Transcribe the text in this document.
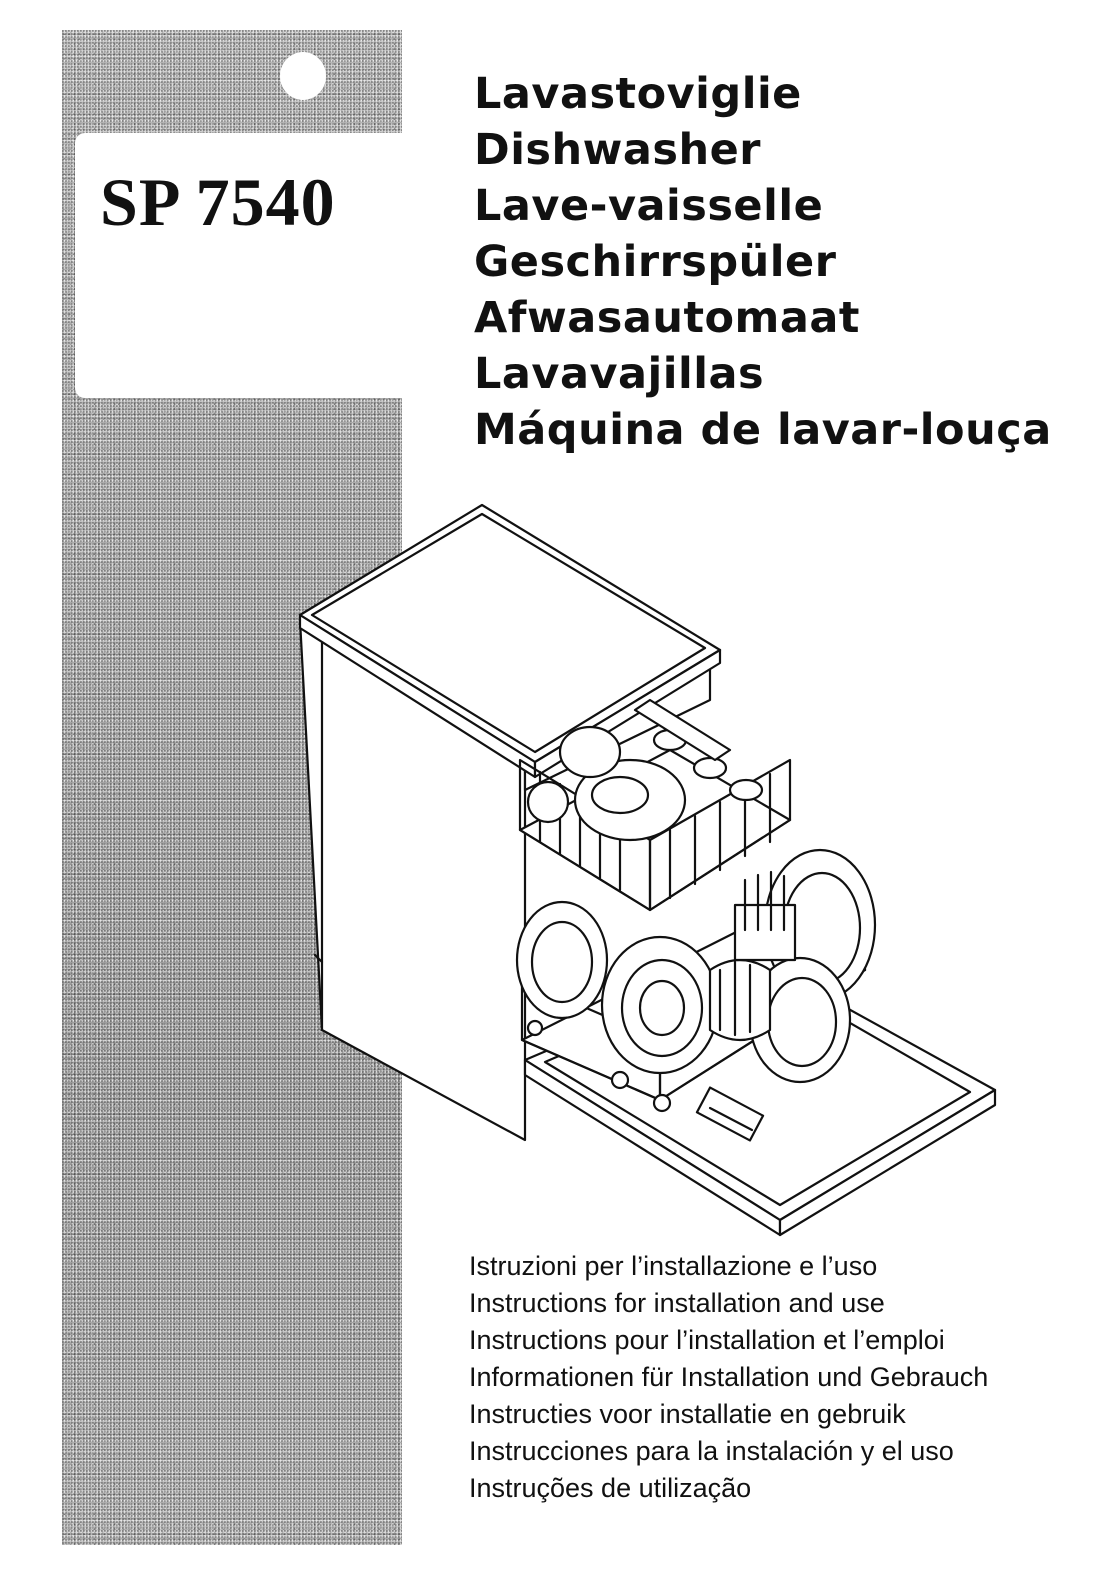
SP 7540
Lavastoviglie
Dishwasher
Lave-vaisselle
Geschirrspüler
Afwasautomaat
Lavavajillas
Máquina de lavar-louça
Istruzioni per l’installazione e l’uso
Instructions for installation and use
Instructions pour l’installation et l’emploi
Informationen für Installation und Gebrauch
Instructies voor installatie en gebruik
Instrucciones para la instalación y el uso
Instruções de utilização
